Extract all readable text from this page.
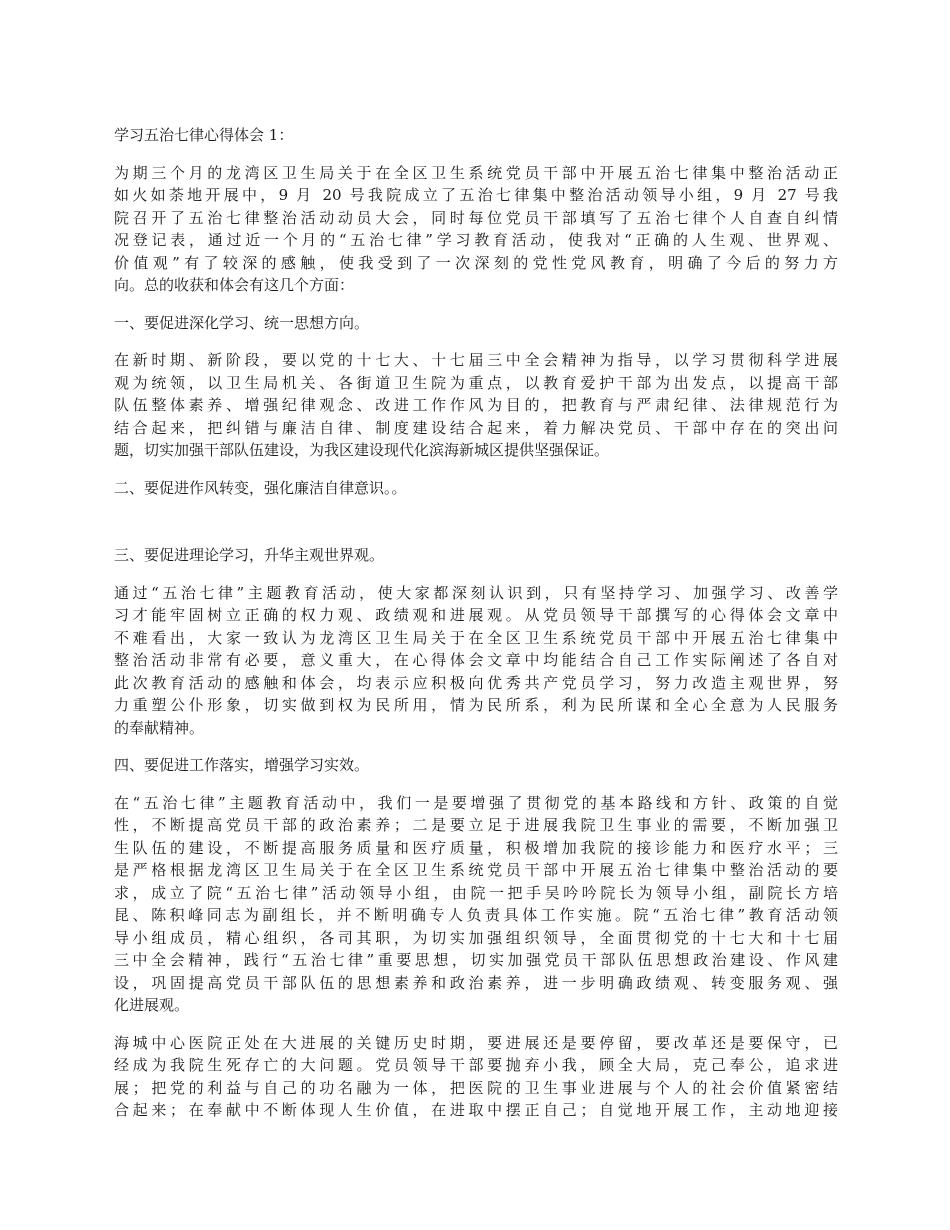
学习五治七律心得体会 1：
为期三个月的龙湾区卫生局关于在全区卫生系统党员干部中开展五治七律集中整治活动正
如火如荼地开展中，9 月 20 号我院成立了五治七律集中整治活动领导小组，9 月 27 号我
院召开了五治七律整治活动动员大会，同时每位党员干部填写了五治七律个人自查自纠情
况登记表，通过近一个月的“五治七律”学习教育活动，使我对“正确的人生观、世界观、
价值观”有了较深的感触，使我受到了一次深刻的党性党风教育，明确了今后的努力方
向。总的收获和体会有这几个方面：
一、要促进深化学习、统一思想方向。
在新时期、新阶段，要以党的十七大、十七届三中全会精神为指导，以学习贯彻科学进展
观为统领，以卫生局机关、各街道卫生院为重点，以教育爱护干部为出发点，以提高干部
队伍整体素养、增强纪律观念、改进工作作风为目的，把教育与严肃纪律、法律规范行为
结合起来，把纠错与廉洁自律、制度建设结合起来，着力解决党员、干部中存在的突出问
题，切实加强干部队伍建设，为我区建设现代化滨海新城区提供坚强保证。
二、要促进作风转变，强化廉洁自律意识。。
三、要促进理论学习，升华主观世界观。
通过“五治七律”主题教育活动，使大家都深刻认识到，只有坚持学习、加强学习、改善学
习才能牢固树立正确的权力观、政绩观和进展观。从党员领导干部撰写的心得体会文章中
不难看出，大家一致认为龙湾区卫生局关于在全区卫生系统党员干部中开展五治七律集中
整治活动非常有必要，意义重大，在心得体会文章中均能结合自己工作实际阐述了各自对
此次教育活动的感触和体会，均表示应积极向优秀共产党员学习，努力改造主观世界，努
力重塑公仆形象，切实做到权为民所用，情为民所系，利为民所谋和全心全意为人民服务
的奉献精神。
四、要促进工作落实，增强学习实效。
在“五治七律”主题教育活动中，我们一是要增强了贯彻党的基本路线和方针、政策的自觉
性，不断提高党员干部的政治素养；二是要立足于进展我院卫生事业的需要，不断加强卫
生队伍的建设，不断提高服务质量和医疗质量，积极增加我院的接诊能力和医疗水平；三
是严格根据龙湾区卫生局关于在全区卫生系统党员干部中开展五治七律集中整治活动的要
求，成立了院“五治七律”活动领导小组，由院一把手吴吟吟院长为领导小组，副院长方培
昆、陈积峰同志为副组长，并不断明确专人负责具体工作实施。院“五治七律”教育活动领
导小组成员，精心组织，各司其职，为切实加强组织领导，全面贯彻党的十七大和十七届
三中全会精神，践行“五治七律”重要思想，切实加强党员干部队伍思想政治建设、作风建
设，巩固提高党员干部队伍的思想素养和政治素养，进一步明确政绩观、转变服务观、强
化进展观。
海城中心医院正处在大进展的关键历史时期，要进展还是要停留，要改革还是要保守，已
经成为我院生死存亡的大问题。党员领导干部要抛弃小我，顾全大局，克己奉公，追求进
展；把党的利益与自己的功名融为一体，把医院的卫生事业进展与个人的社会价值紧密结
合起来；在奉献中不断体现人生价值，在进取中摆正自己；自觉地开展工作，主动地迎接
